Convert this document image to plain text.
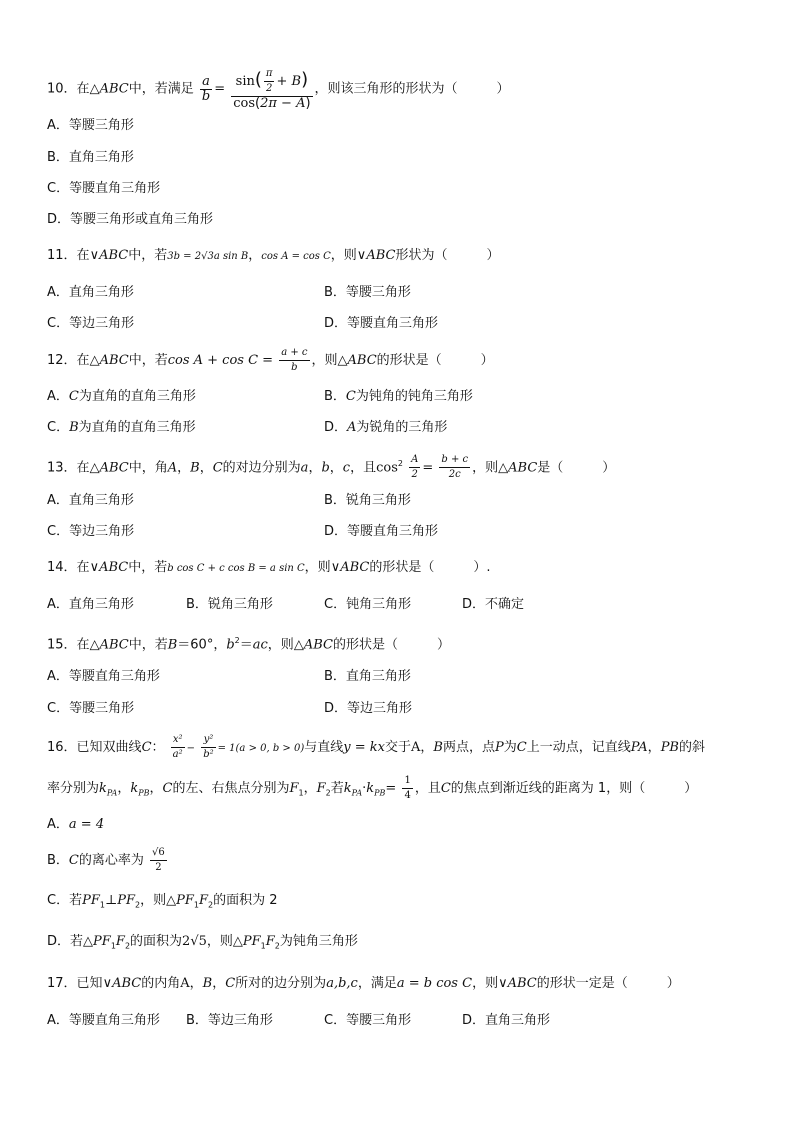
10．在△ABC中，若满足 $\frac{a}{b} = \frac{\sin( \frac{\pi}{2} + B)}{\cos(2\pi - A)}$ ，则该三角形的形状为（　　　）
A．等腰三角形
B．直角三角形
C．等腰直角三角形
D．等腰三角形或直角三角形
11．在∨ABC中，若3b = 2√3a sin B，cos A = cos C，则∨ABC形状为（　　　）
A．直角三角形	B．等腰三角形
C．等边三角形	D．等腰直角三角形
12．在△ABC中，若$\cos A + \cos C = \frac{a + c}{b}$ ，则△ABC的形状是（　　　）
A．C为直角的直角三角形	B．C为钝角的钝角三角形
C．B为直角的直角三角形	D．A为锐角的三角形
13．在△ABC中，角A，B，C的对边分别为a，b，c，且$\cos^2 \frac{A}{2} = \frac{b + c}{2c}$ ，则△ABC是（　　　）
A．直角三角形	B．锐角三角形
C．等边三角形	D．等腰直角三角形
14．在∨ABC中，若b cos C + c cos B = a sin C，则∨ABC的形状是（　　　）.
A．直角三角形	B．锐角三角形	C．钝角三角形	D．不确定
15．在△ABC中，若B＝60°，$b^2=ac$，则△ABC的形状是（　　　）
A．等腰直角三角形	B．直角三角形
C．等腰三角形	D．等边三角形
16．已知双曲线C： $\frac{\text{x²}}{\text{a²}} - \frac{\text{y²}}{\text{b²}} = 1(a > 0$, b > 0)与直线y = kx交于A，B两点，点P为C上一动点，记直线PA，PB的斜
率分别为$k_{PA}$，$k_{PB}$，C的左、右焦点分别为$F_1$，$F_2$若$k_{PA}\cdot k_{PB}= \frac{1}{4}$ ，且C的焦点到渐近线的距离为 1，则（　　　）
A．a = 4
B．C的离心率为 $\frac{√6}{2}$
C．若$PF_1\perp PF_2$，则$\triangle PF_1F_2$的面积为 2
D．若$\triangle PF_1F_2$的面积为2√5，则$\triangle PF_1F_2$为钝角三角形
17．已知∨ABC的内角A，B，C所对的边分别为a,b,c，满足a = b cos C，则∨ABC的形状一定是（　　　）
A．等腰直角三角形 B．等边三角形	C．等腰三角形	D．直角三角形
